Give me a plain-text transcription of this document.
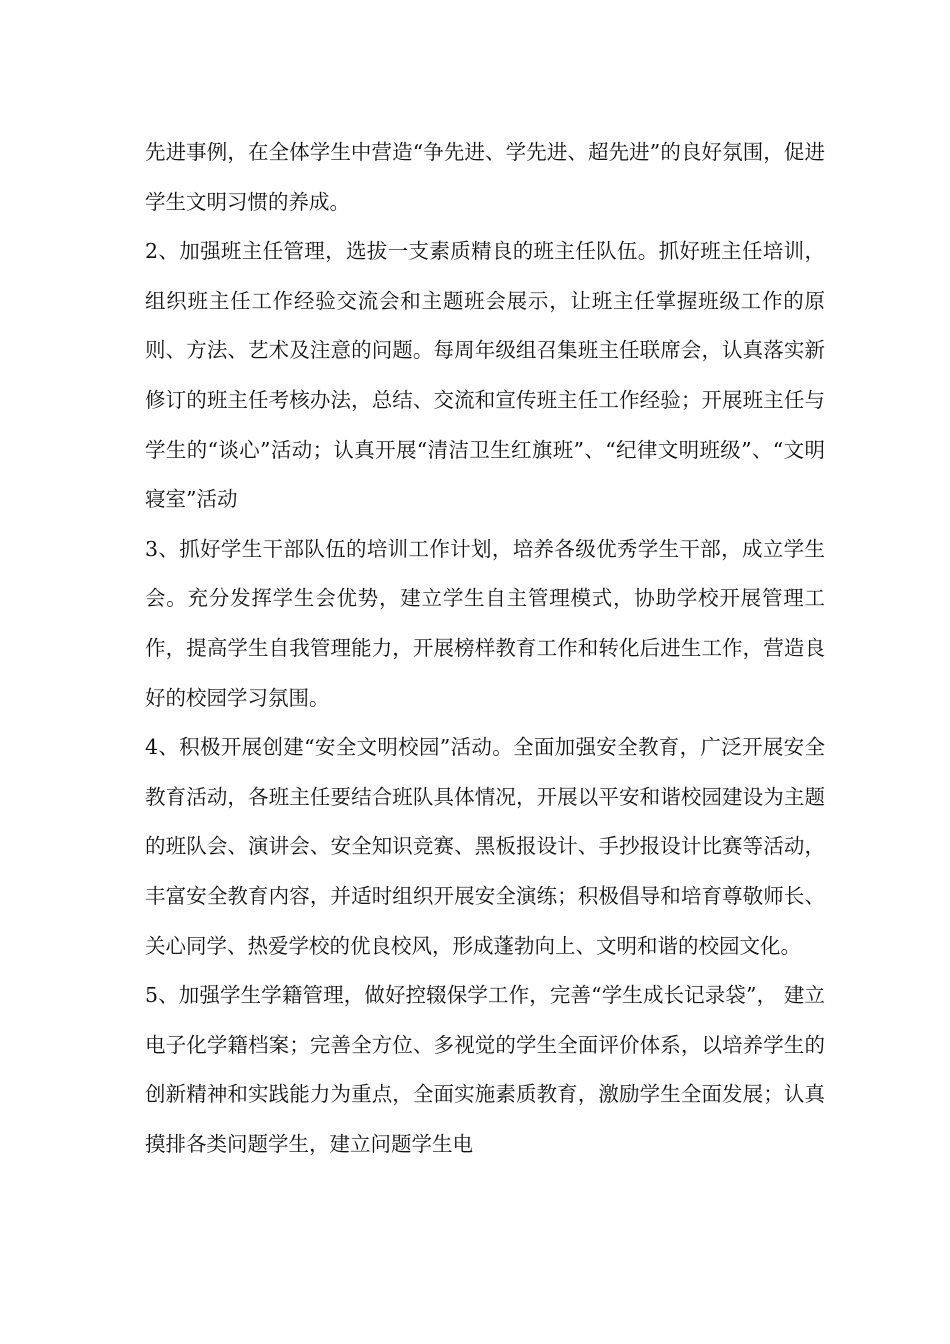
先进事例，在全体学生中营造“争先进、学先进、超先进”的良好氛围，促进学生文明习惯的养成。

2、加强班主任管理，选拔一支素质精良的班主任队伍。抓好班主任培训，组织班主任工作经验交流会和主题班会展示，让班主任掌握班级工作的原则、方法、艺术及注意的问题。每周年级组召集班主任联席会，认真落实新修订的班主任考核办法，总结、交流和宣传班主任工作经验；开展班主任与学生的“谈心”活动；认真开展“清洁卫生红旗班”、“纪律文明班级”、“文明寝室”活动

3、抓好学生干部队伍的培训工作计划，培养各级优秀学生干部，成立学生会。充分发挥学生会优势，建立学生自主管理模式，协助学校开展管理工作，提高学生自我管理能力，开展榜样教育工作和转化后进生工作，营造良好的校园学习氛围。

4、积极开展创建“安全文明校园”活动。全面加强安全教育，广泛开展安全教育活动，各班主任要结合班队具体情况，开展以平安和谐校园建设为主题的班队会、演讲会、安全知识竞赛、黑板报设计、手抄报设计比赛等活动，丰富安全教育内容，并适时组织开展安全演练；积极倡导和培育尊敬师长、关心同学、热爱学校的优良校风，形成蓬勃向上、文明和谐的校园文化。

5、加强学生学籍管理，做好控辍保学工作，完善“学生成长记录袋”， 建立电子化学籍档案；完善全方位、多视觉的学生全面评价体系，以培养学生的创新精神和实践能力为重点，全面实施素质教育，激励学生全面发展；认真摸排各类问题学生，建立问题学生电
